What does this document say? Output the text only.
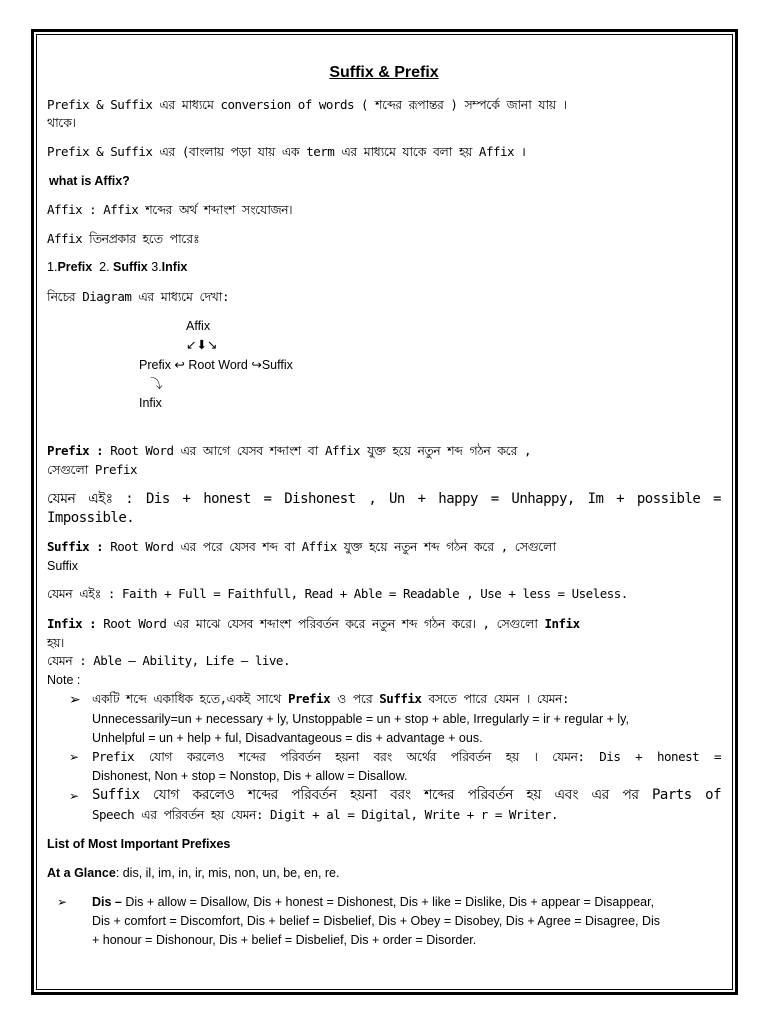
Suffix & Prefix
Prefix & Suffix এর মাধ্যমে conversion of words ( শব্দের রূপান্তর ) সম্পর্কে জানা যায় ।
থাকে।
Prefix & Suffix এর (বাংলায় পড়া যায় এক term এর মাধ্যমে যাকে বলা হয় Affix ।
what is Affix?
Affix : Affix শব্দের অর্থ শব্দাংশ সংযোজন।
Affix তিনপ্রকার হতে পারেঃ
1.Prefix  2. Suffix 3.Infix
নিচের Diagram এর মাধ্যমে দেখা:
Affix
↙⬇↘
Prefix ↩ Root Word ↪Suffix
⤵
Infix
Prefix : Root Word এর আগে যেসব শব্দাংশ বা Affix যুক্ত হয়ে নতুন শব্দ গঠন করে ,
সেগুলো Prefix
যেমন এইঃ : Dis + honest = Dishonest , Un + happy = Unhappy, Im + possible = Impossible.
Suffix : Root Word এর পরে যেসব শব্দ বা Affix যুক্ত হয়ে নতুন শব্দ গঠন করে , সেগুলো
Suffix
যেমন এইঃ : Faith + Full = Faithfull, Read + Able = Readable , Use + less = Useless.
Infix : Root Word এর মাঝে যেসব শব্দাংশ পরিবর্তন করে নতুন শব্দ গঠন করে। , সেগুলো Infix
হয়।
যেমন : Able – Ability, Life – live.
Note :
➢ একটি শব্দে একাধিক হতে,একই সাথে Prefix ও পরে Suffix বসতে পারে যেমন । যেমন:
Unnecessarily=un + necessary + ly, Unstoppable = un + stop + able, Irregularly = ir + regular + ly,
Unhelpful = un + help + ful, Disadvantageous = dis + advantage + ous.
➢ Prefix যোগ করলেও শব্দের পরিবর্তন হয়না বরং অর্থের পরিবর্তন হয় । যেমন: Dis + honest =
Dishonest, Non + stop = Nonstop, Dis + allow = Disallow.
➢ Suffix যোগ করলেও শব্দের পরিবর্তন হয়না বরং শব্দের পরিবর্তন হয় এবং এর পর Parts of
Speech এর পরিবর্তন হয় যেমন: Digit + al = Digital, Write + r = Writer.
List of Most Important Prefixes
At a Glance: dis, il, im, in, ir, mis, non, un, be, en, re.
➢ Dis – Dis + allow = Disallow, Dis + honest = Dishonest, Dis + like = Dislike, Dis + appear = Disappear,
Dis + comfort = Discomfort, Dis + belief = Disbelief, Dis + Obey = Disobey, Dis + Agree = Disagree, Dis
+ honour = Dishonour, Dis + belief = Disbelief, Dis + order = Disorder.
